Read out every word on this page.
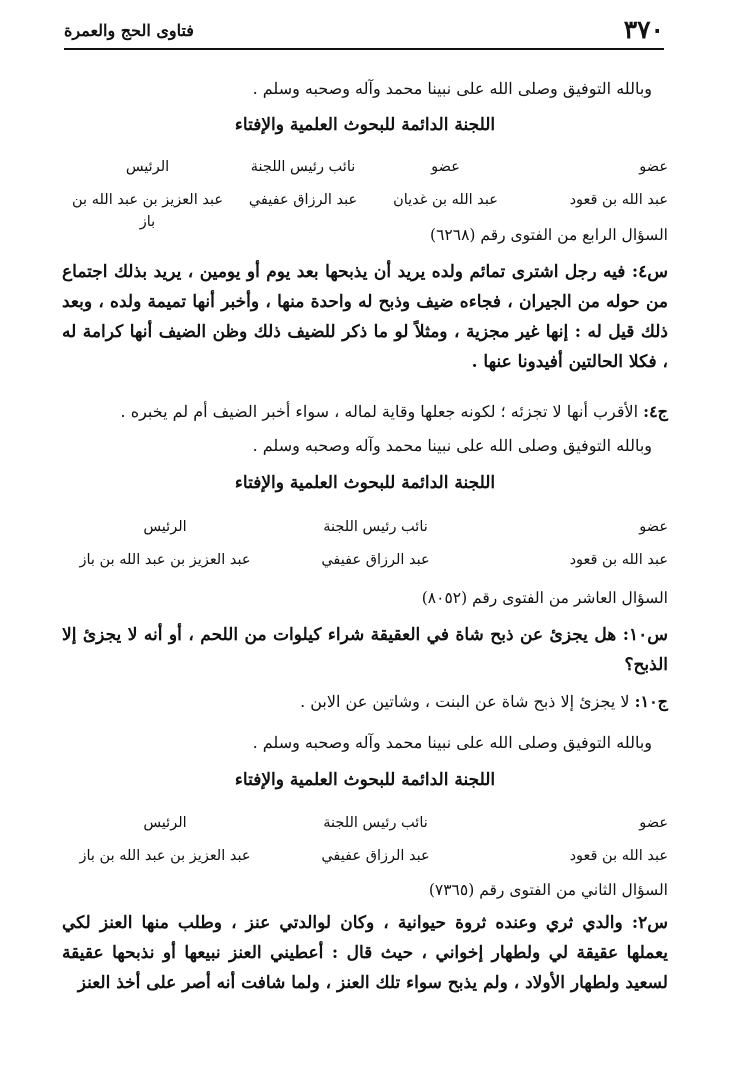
٣٧٠
فتاوى الحج والعمرة
وبالله التوفيق وصلى الله على نبينا محمد وآله وصحبه وسلم .
اللجنة الدائمة للبحوث العلمية والإفتاء
عضو
عضو
نائب رئيس اللجنة
الرئيس
عبد الله بن قعود
عبد الله بن غديان
عبد الرزاق عفيفي
عبد العزيز بن عبد الله بن باز
السؤال الرابع من الفتوى رقم (٦٢٦٨)
س٤: فيه رجل اشترى تمائم ولده يريد أن يذبحها بعد يوم أو يومين ، يريد بذلك اجتماع من حوله من الجيران ، فجاءه ضيف وذبح له واحدة منها ، وأخبر أنها تميمة ولده ، وبعد ذلك قيل له : إنها غير مجزية ، ومثلاً لو ما ذكر للضيف ذلك وظن الضيف أنها كرامة له ، فكلا الحالتين أفيدونا عنها .
ج٤: الأقرب أنها لا تجزئه ؛ لكونه جعلها وقاية لماله ، سواء أخبر الضيف أم لم يخبره .
وبالله التوفيق وصلى الله على نبينا محمد وآله وصحبه وسلم .
اللجنة الدائمة للبحوث العلمية والإفتاء
عضو
نائب رئيس اللجنة
الرئيس
عبد الله بن قعود
عبد الرزاق عفيفي
عبد العزيز بن عبد الله بن باز
السؤال العاشر من الفتوى رقم (٨٠٥٢)
س١٠: هل يجزئ عن ذبح شاة في العقيقة شراء كيلوات من اللحم ، أو أنه لا يجزئ إلا الذبح؟
ج١٠: لا يجزئ إلا ذبح شاة عن البنت ، وشاتين عن الابن .
وبالله التوفيق وصلى الله على نبينا محمد وآله وصحبه وسلم .
اللجنة الدائمة للبحوث العلمية والإفتاء
عضو
نائب رئيس اللجنة
الرئيس
عبد الله بن قعود
عبد الرزاق عفيفي
عبد العزيز بن عبد الله بن باز
السؤال الثاني من الفتوى رقم (٧٣٦٥)
س٢: والدي ثري وعنده ثروة حيوانية ، وكان لوالدتي عنز ، وطلب منها العنز لكي يعملها عقيقة لي ولطهار إخواني ، حيث قال : أعطيني العنز نبيعها أو نذبحها عقيقة لسعيد ولطهار الأولاد ، ولم يذبح سواء تلك العنز ، ولما شافت أنه أصر على أخذ العنز
